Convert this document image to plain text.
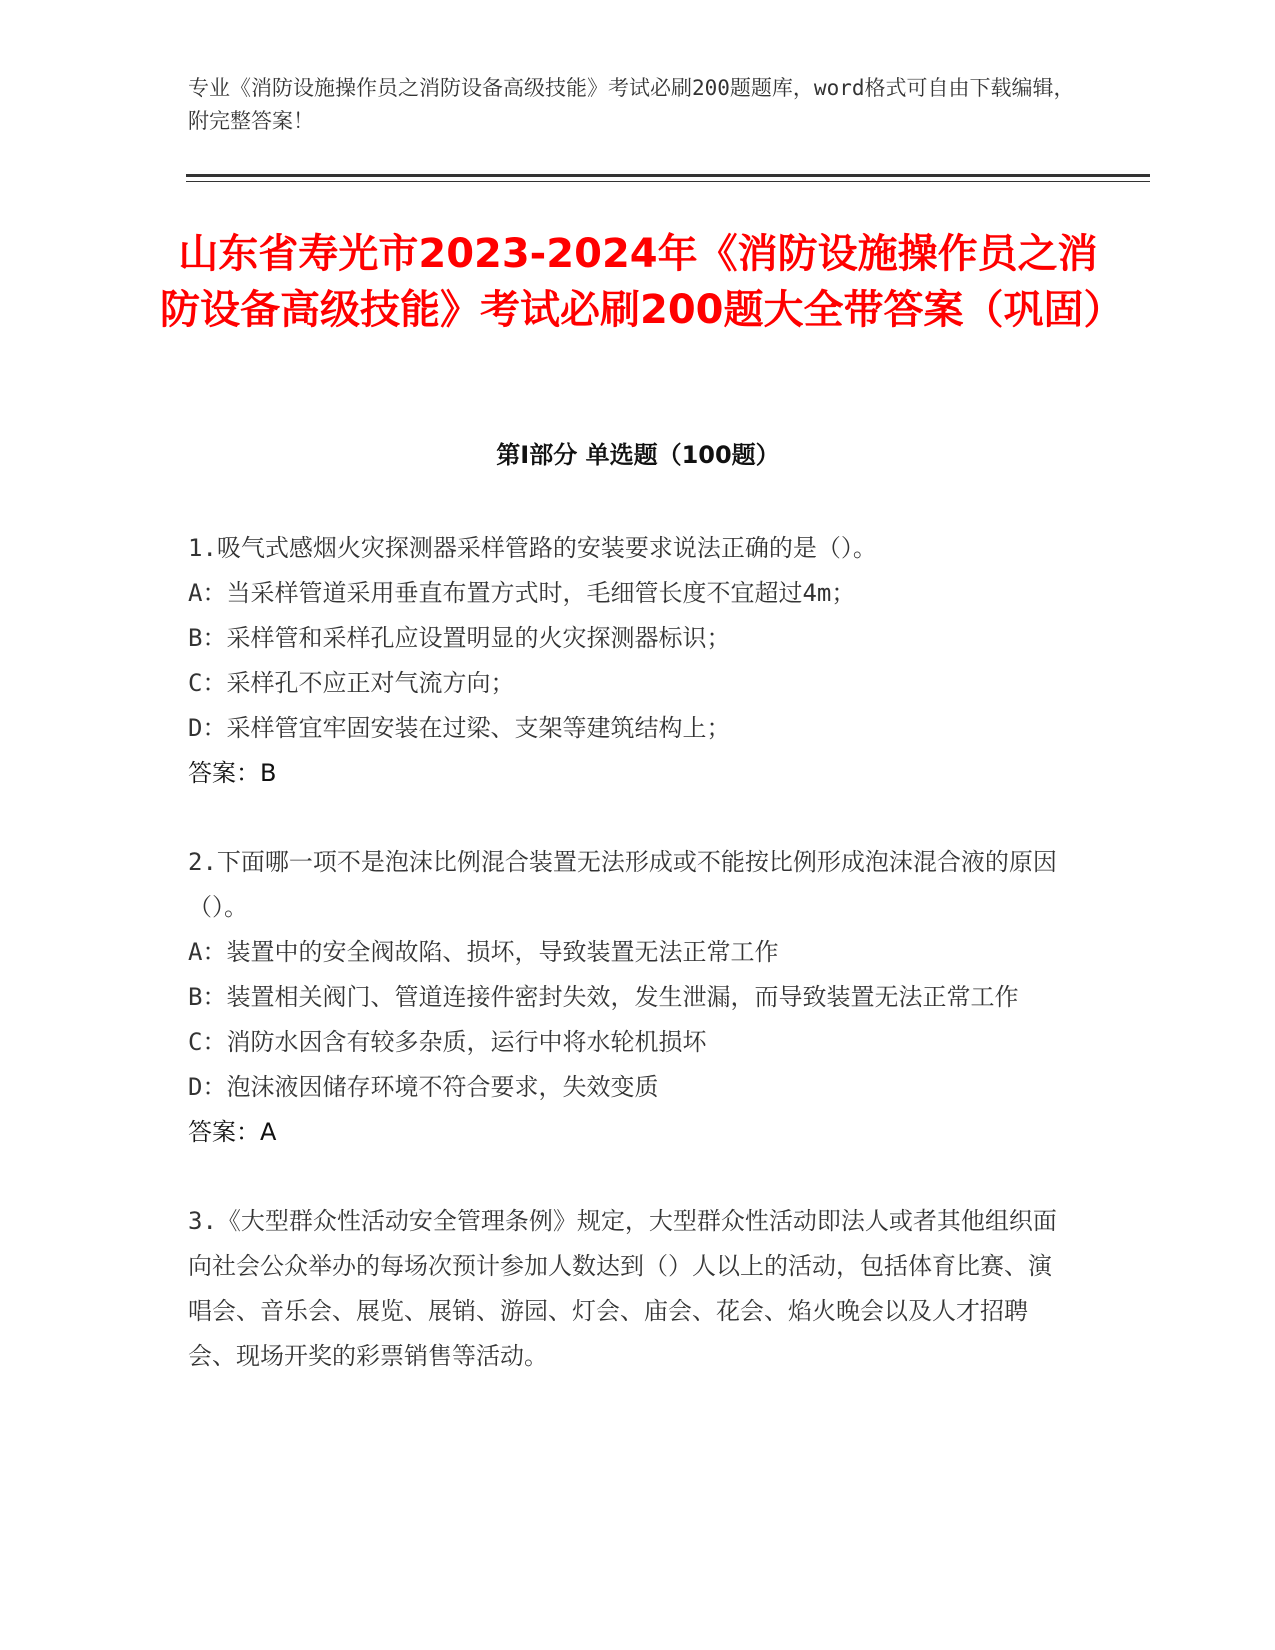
专业《消防设施操作员之消防设备高级技能》考试必刷200题题库，word格式可自由下载编辑，附完整答案！
山东省寿光市2023-2024年《消防设施操作员之消防设备高级技能》考试必刷200题大全带答案（巩固）
第Ⅰ部分 单选题（100题）

1.吸气式感烟火灾探测器采样管路的安装要求说法正确的是（）。

A：当采样管道采用垂直布置方式时，毛细管长度不宜超过4m；

B：采样管和采样孔应设置明显的火灾探测器标识；

C：采样孔不应正对气流方向；

D：采样管宜牢固安装在过梁、支架等建筑结构上；

答案：B

2.下面哪一项不是泡沫比例混合装置无法形成或不能按比例形成泡沫混合液的原因（）。

A：装置中的安全阀故陷、损坏，导致装置无法正常工作

B：装置相关阀门、管道连接件密封失效，发生泄漏，而导致装置无法正常工作

C：消防水因含有较多杂质，运行中将水轮机损坏

D：泡沫液因储存环境不符合要求，失效变质

答案：A

3.《大型群众性活动安全管理条例》规定，大型群众性活动即法人或者其他组织面向社会公众举办的每场次预计参加人数达到（）人以上的活动，包括体育比赛、演唱会、音乐会、展览、展销、游园、灯会、庙会、花会、焰火晚会以及人才招聘会、现场开奖的彩票销售等活动。
